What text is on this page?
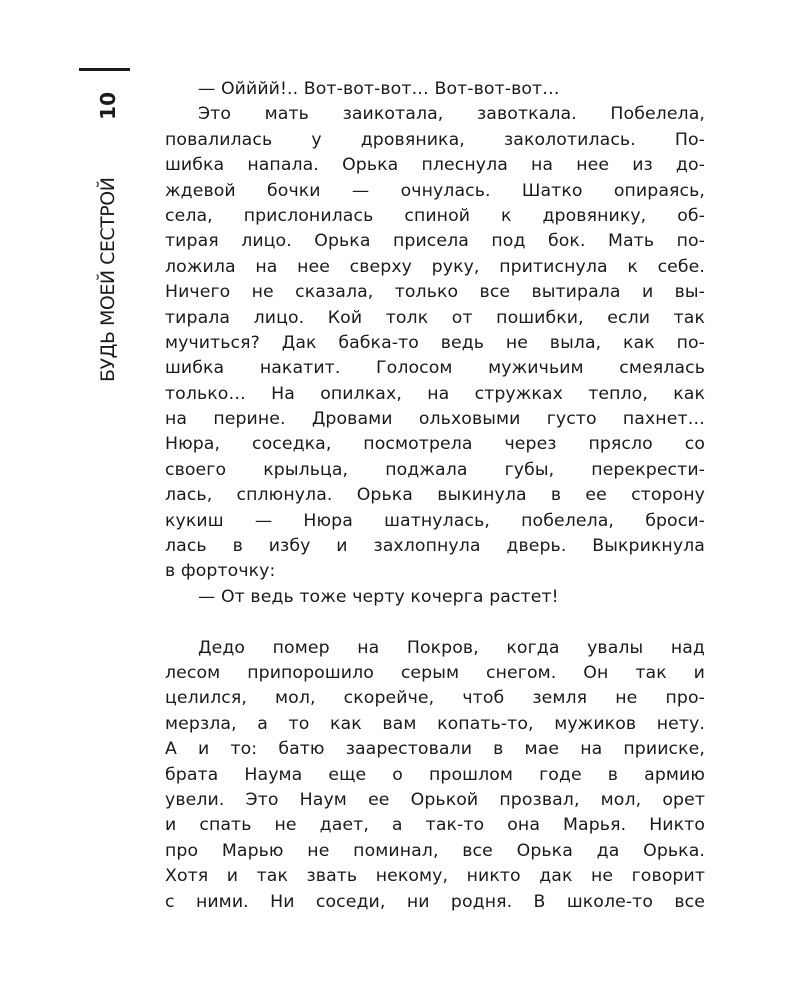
10
БУДЬ МОЕЙ СЕСТРОЙ
— Ойййй!.. Вот-вот-вот… Вот-вот-вот…
Это мать заикотала, завоткала. Побелела,
повалилась у дровяника, заколотилась. По-
шибка напала. Орька плеснула на нее из до-
ждевой бочки — очнулась. Шатко опираясь,
села, прислонилась спиной к дровянику, об-
тирая лицо. Орька присела под бок. Мать по-
ложила на нее сверху руку, притиснула к себе.
Ничего не сказала, только все вытирала и вы-
тирала лицо. Кой толк от пошибки, если так
мучиться? Дак бабка-то ведь не выла, как по-
шибка накатит. Голосом мужичьим смеялась
только… На опилках, на стружках тепло, как
на перине. Дровами ольховыми густо пахнет…
Нюра, соседка, посмотрела через прясло со
своего крыльца, поджала губы, перекрести-
лась, сплюнула. Орька выкинула в ее сторону
кукиш — Нюра шатнулась, побелела, броси-
лась в избу и захлопнула дверь. Выкрикнула
в форточку:
— От ведь тоже черту кочерга растет!
Дедо помер на Покров, когда увалы над
лесом припорошило серым снегом. Он так и
целился, мол, скорейче, чтоб земля не про-
мерзла, а то как вам копать-то, мужиков нету.
А и то: батю заарестовали в мае на прииске,
брата Наума еще о прошлом годе в армию
увели. Это Наум ее Орькой прозвал, мол, орет
и спать не дает, а так-то она Марья. Никто
про Марью не поминал, все Орька да Орька.
Хотя и так звать некому, никто дак не говорит
с ними. Ни соседи, ни родня. В школе-то все
